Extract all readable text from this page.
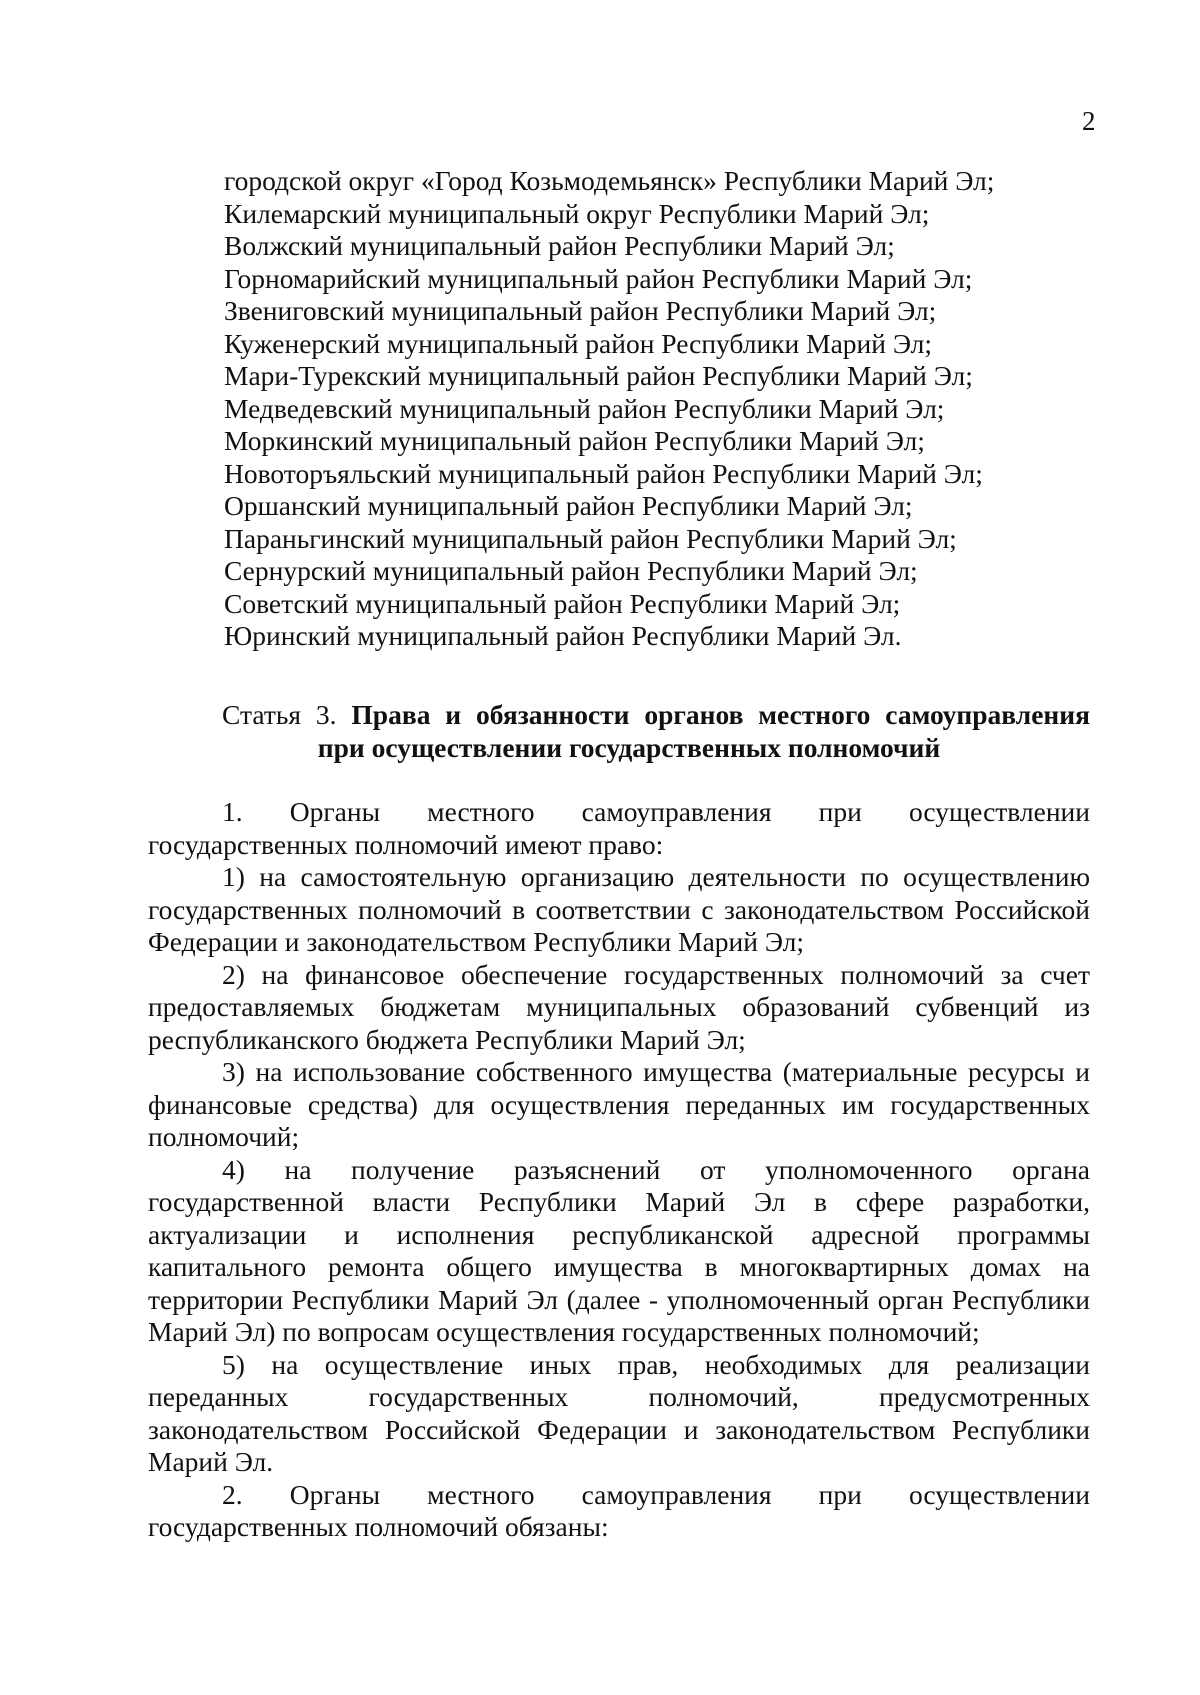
2
городской округ «Город Козьмодемьянск» Республики Марий Эл;
Килемарский муниципальный округ Республики Марий Эл;
Волжский муниципальный район Республики Марий Эл;
Горномарийский муниципальный район Республики Марий Эл;
Звениговский муниципальный район Республики Марий Эл;
Куженерский муниципальный район Республики Марий Эл;
Мари-Турекский муниципальный район Республики Марий Эл;
Медведевский муниципальный район Республики Марий Эл;
Моркинский муниципальный район Республики Марий Эл;
Новоторъяльский муниципальный район Республики Марий Эл;
Оршанский муниципальный район Республики Марий Эл;
Параньгинский муниципальный район Республики Марий Эл;
Сернурский муниципальный район Республики Марий Эл;
Советский муниципальный район Республики Марий Эл;
Юринский муниципальный район Республики Марий Эл.
Статья 3. Права и обязанности органов местного самоуправления
при осуществлении государственных полномочий

1. Органы местного самоуправления при осуществлении государственных полномочий имеют право:

1) на самостоятельную организацию деятельности по осуществлению государственных полномочий в соответствии с законодательством Российской Федерации и законодательством Республики Марий Эл;

2) на финансовое обеспечение государственных полномочий за счет предоставляемых бюджетам муниципальных образований субвенций из республиканского бюджета Республики Марий Эл;

3) на использование собственного имущества (материальные ресурсы и финансовые средства) для осуществления переданных им государственных полномочий;

4) на получение разъяснений от уполномоченного органа государственной власти Республики Марий Эл в сфере разработки, актуализации и исполнения республиканской адресной программы капитального ремонта общего имущества в многоквартирных домах на территории Республики Марий Эл (далее - уполномоченный орган Республики Марий Эл) по вопросам осуществления государственных полномочий;

5) на осуществление иных прав, необходимых для реализации переданных государственных полномочий, предусмотренных законодательством Российской Федерации и законодательством Республики Марий Эл.

2. Органы местного самоуправления при осуществлении государственных полномочий обязаны:
